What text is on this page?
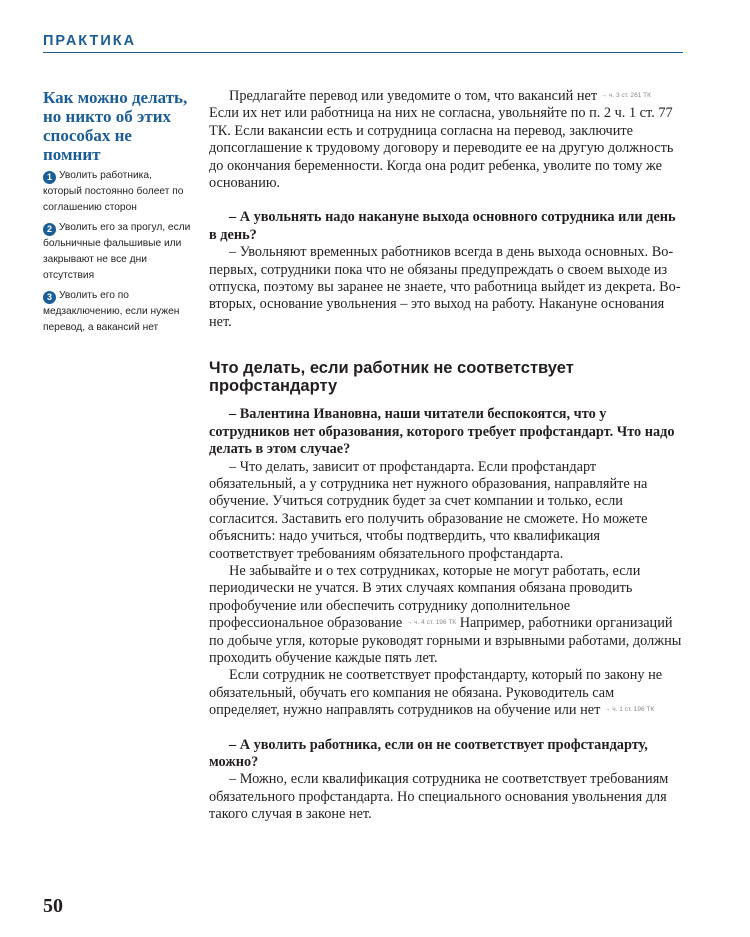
ПРАКТИКА
Как можно делать, но никто об этих способах не помнит
1 Уволить работника, который постоянно болеет по соглашению сторон
2 Уволить его за прогул, если больничные фальшивые или закрывают не все дни отсутствия
3 Уволить его по медзаключению, если нужен перевод, а вакансий нет

Предлагайте перевод или уведомите о том, что вакансий нет $^{\to ч. 3 ст. 261 ТК}$ Если их нет или работница на них не согласна, увольняйте по п. 2 ч. 1 ст. 77 ТК. Если вакансии есть и сотрудница согласна на перевод, заключите допсоглашение к трудовому договору и переводите ее на другую должность до окончания беременности. Когда она родит ребенка, уволите по тому же основанию.

– А увольнять надо накануне выхода основного сотрудника или день в день?

– Увольняют временных работников всегда в день выхода основных. Во-первых, сотрудники пока что не обязаны предупреждать о своем выходе из отпуска, поэтому вы заранее не знаете, что работница выйдет из декрета. Во-вторых, основание увольнения – это выход на работу. Накануне основания нет.

Что делать, если работник не соответствует профстандарту

– Валентина Ивановна, наши читатели беспокоятся, что у сотрудников нет образования, которого требует профстандарт. Что надо делать в этом случае?

– Что делать, зависит от профстандарта. Если профстандарт обязательный, а у сотрудника нет нужного образования, направляйте на обучение. Учиться сотрудник будет за счет компании и только, если согласится. Заставить его получить образование не сможете. Но можете объяснить: надо учиться, чтобы подтвердить, что квалификация соответствует требованиям обязательного профстандарта.

Не забывайте и о тех сотрудниках, которые не могут работать, если периодически не учатся. В этих случаях компания обязана проводить профобучение или обеспечить сотруднику дополнительное профессиональное образование $^{\to ч. 4 ст. 196 ТК}$ Например, работники организаций по добыче угля, которые руководят горными и взрывными работами, должны проходить обучение каждые пять лет.

Если сотрудник не соответствует профстандарту, который по закону не обязательный, обучать его компания не обязана. Руководитель сам определяет, нужно направлять сотрудников на обучение или нет $^{\to ч. 1 ст. 196 ТК}$

– А уволить работника, если он не соответствует профстандарту, можно?

– Можно, если квалификация сотрудника не соответствует требованиям обязательного профстандарта. Но специального основания увольнения для такого случая в законе нет.

50
